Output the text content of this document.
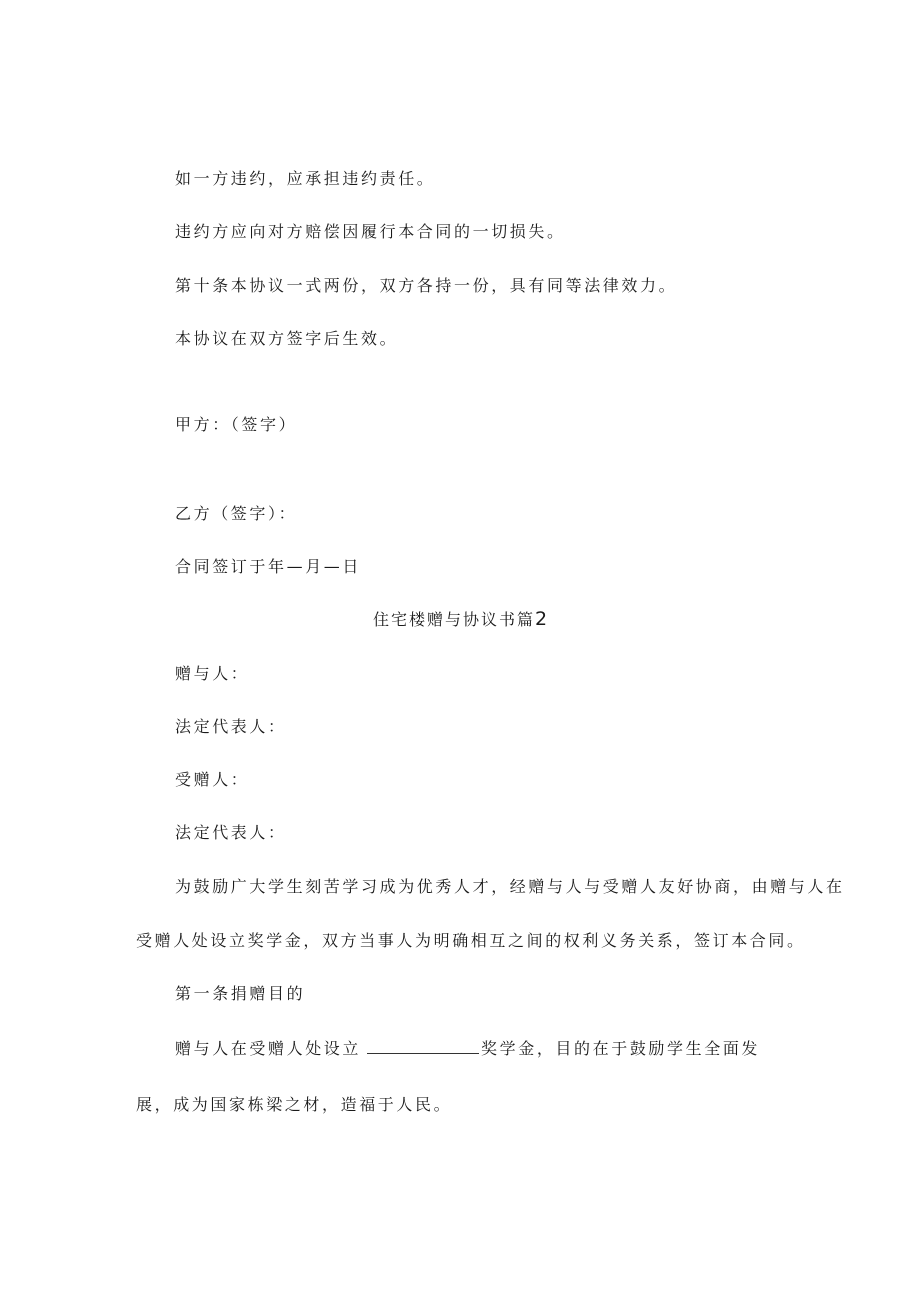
如一方违约，应承担违约责任。

违约方应向对方赔偿因履行本合同的一切损失。

第十条本协议一式两份，双方各持一份，具有同等法律效力。

本协议在双方签字后生效。

甲方：（签字）

乙方（签字）：

合同签订于年—月—日

住宅楼赠与协议书篇2

赠与人：

法定代表人：

受赠人：

法定代表人：

为鼓励广大学生刻苦学习成为优秀人才，经赠与人与受赠人友好协商，由赠与人在

受赠人处设立奖学金，双方当事人为明确相互之间的权利义务关系，签订本合同。

第一条捐赠目的

赠与人在受赠人处设立	奖学金，目的在于鼓励学生全面发

展，成为国家栋梁之材，造福于人民。
